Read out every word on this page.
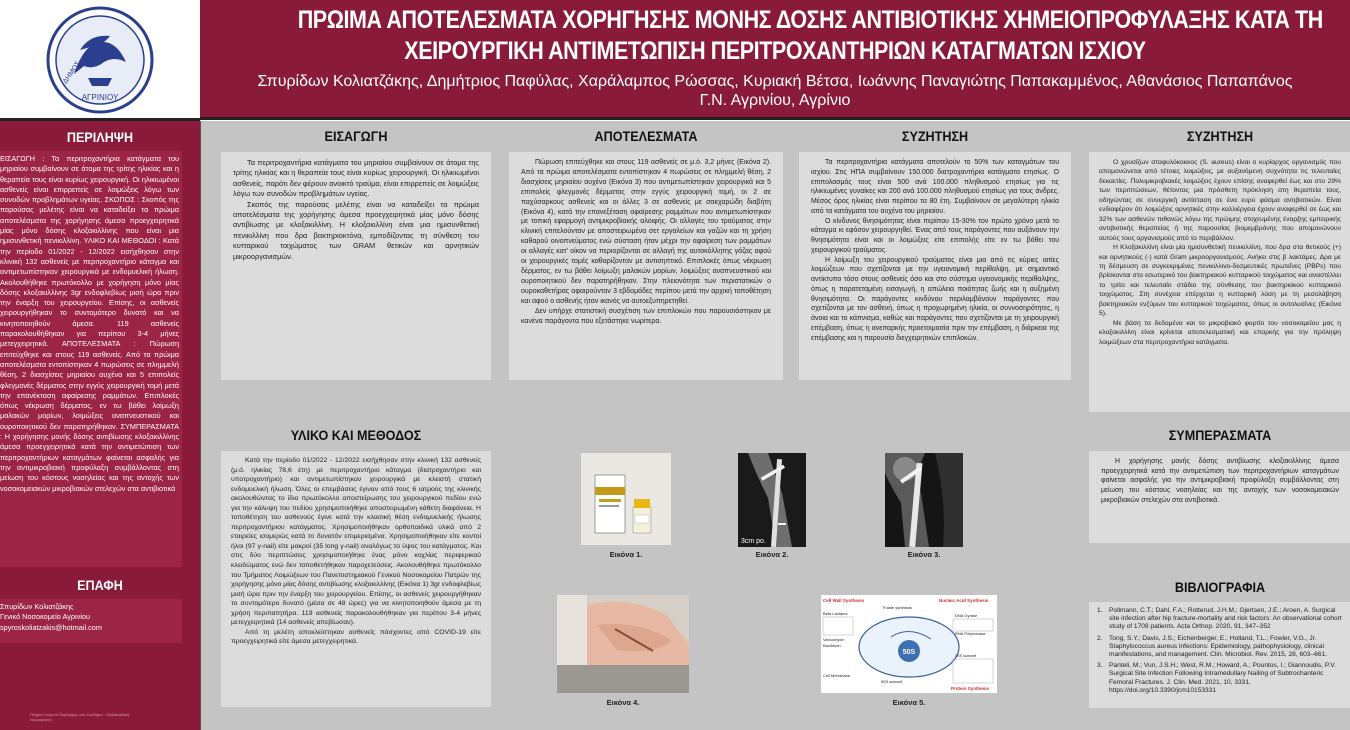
ΑΓΡΙΝΙΟΥ
ΔΗΜΟΣ
ΠΡΩΙΜΑ ΑΠΟΤΕΛΕΣΜΑΤΑ ΧΟΡΗΓΗΣΗΣ ΜΟΝΗΣ ΔΟΣΗΣ ΑΝΤΙΒΙΟΤΙΚΗΣ ΧΗΜΕΙΟΠΡΟΦΥΛΑΞΗΣ ΚΑΤΑ ΤΗ
ΧΕΙΡΟΥΡΓΙΚΗ ΑΝΤΙΜΕΤΩΠΙΣΗ ΠΕΡΙΤΡΟΧΑΝΤΗΡΙΩΝ ΚΑΤΑΓΜΑΤΩΝ ΙΣΧΙΟΥ
Σπυρίδων Κολιατζάκης, Δημήτριος Παφύλας, Χαράλαμπος Ρώσσας, Κυριακή Βέτσα, Ιωάννης Παναγιώτης Παπακαμμένος, Αθανάσιος Παπαπάνος
Γ.Ν. Αγρινίου, Αγρίνιο
ΠΕΡΙΛΗΨΗ
ΕΙΣΑΓΩΓΗ : Τα περιτροχαντήρια κατάγματα του μηριαίου συμβαίνουν σε άτομα της τρίτης ηλικίας και η θεραπεία τους είναι κυρίως χειρουργική. Οι ηλικιωμένοι ασθενείς είναι επιρρεπείς σε λοιμώξεις λόγω των συνοδών προβλημάτων υγείας. ΣΚΟΠΟΣ : Σκοπός της παρούσας μελέτης είναι να καταδείξει τα πρώιμα αποτελέσματα της χορήγησης άμεσα προεγχειρητικά μίας μόνο δόσης κλοξακιλλίνης που είναι μια ημισυνθετική πενικιλλίνη. ΥΛΙΚΟ ΚΑΙ ΜΕΘΟΔΟΙ : Κατά την περίοδο 01/2022 - 12/2022 εισήχθησαν στην κλινική 132 ασθενείς με περιτροχαντήριο κάταγμα και αντιμετωπίστηκαν χειρουργικά με ενδομυελική ήλωση. Ακολουθήθηκε πρωτόκολλο με χορήγηση μόνο μίας δόσης κλοξακιλλίνης 3gr ενδοφλεβίως μισή ώρα πριν την έναρξη του χειρουργείου. Επίσης, οι ασθενείς χειρουργήθηκαν το συντομότερο δυνατό και να κινητοποιηθούν άμεσα. 119 ασθενείς παρακολουθήθηκαν για περίπου 3-4 μήνες μετεγχειρητικά. ΑΠΟΤΕΛΕΣΜΑΤΑ : Πώρωση επιτεύχθηκε και στους 119 ασθενείς. Από τα πρώιμα αποτελέσματα εντοπίστηκαν 4 πωρώσεις σε πλημμελή θέση, 2 διασχίσεις μηριαίου αυχένα και 5 επιπολείς φλεγμονές δέρματος στην εγγύς χειρουργική τομή μετά την επανέκταση αφαίρεσης ραμμάτων. Επιπλοκές όπως νέκρωση δέρματος, εν τω βάθει λοίμωξη μαλακών μορίων, λοιμώξεις αναπνευστικού και ουροποιητικού δεν παρατηρήθηκαν. ΣΥΜΠΕΡΑΣΜΑΤΑ : Η χορήγησης μονής δόσης αντιβίωσης κλοξακιλλίνης άμεσα προεγχειρητικά κατά την αντιμετώπιση των περιτροχαντήριων καταγμάτων φαίνεται ασφαλής για την αντιμικροβιακή προφύλαξη συμβάλλοντας στη μείωση του κόστους νοσηλείας και της αντοχής των νοσοκομειακών μικροβιακών στελεχών στα αντιβιοτικά
ΕΠΑΦΗ
Σπυρίδων Κολιατζάκης
Γενικό Νοσοκομείο Αγρινίου
spyroskoliatzakis@hotmail.com
Πλήρες Κείμενο Περίληψης στο Συνέδριο · Ορθοπαιδική Χειρουργική
ΕΙΣΑΓΩΓΗ

Τα περιτροχαντήρια κατάγματα του μηριαίου συμβαίνουν σε άτομα της τρίτης ηλικίας και η θεραπεία τους είναι κυρίως χειρουργική. Οι ηλικιωμένοι ασθενείς, παρότι δεν φέρουν ανοικτό τραύμα, είναι επιρρεπείς σε λοιμώξεις λόγω των συνοδών προβλημάτων υγείας.

Σκοπός της παρούσας μελέτης είναι να καταδείξει τα πρώιμα αποτελέσματα της χορήγησης άμεσα προεγχειρητικά μίας μόνο δόσης αντιβίωσης με κλοξακιλλίνη. Η κλοξακιλλίνη είναι μια ημισυνθετική πενικιλλίνη που δρα βακτηριοκτόνα, εμποδίζοντας τη σύνθεση του κυτταρικού τοιχώματος των GRAM θετικών και αρνητικών μικροοργανισμών.

ΥΛΙΚΟ ΚΑΙ ΜΕΘΟΔΟΣ

Κατά την περίοδο 01/2022 - 12/2022 εισήχθησαν στην κλινική 132 ασθενείς (μ.ό. ηλικίας 78,6 έτη) με περιτροχαντήριο κάταγμα (διατροχαντήριο και υποτροχαντήριο) και αντιμετωπίστηκαν χειρουργικά με κλειστή στατική ενδομυελική ήλωση. Όλες οι επεμβάσεις έγιναν από τους 6 ιατρούς της κλινικής ακολουθώντας το ίδιο πρωτόκολλο αποστείρωσης του χειρουργικού πεδίου ενώ για την κάλυψη του πεδίου χρησιμοποιήθηκε αποστειρωμένη κάθετη διαφάνεια. Η τοποθέτηση του ασθενούς έγινε κατά την κλασική θέση ενδομυελικής ήλωσης περιτροχαντήριου κατάγματος. Χρησιμοποιήθηκαν ορθοπαιδικά υλικά από 2 εταιρείες ισομερώς κατά το δυνατόν επιμερισμένα. Χρησιμοποιήθηκαν είτε κοντοί ήλοι (97 γ-nail) είτε μακροί (35 long γ-nail) αναλόγως το ύψος του κατάγματος. Και στις δύο περιπτώσεις χρησιμοποιήθηκε ένας μόνο κοχλίας περιφερικού κλειδώματος ενώ δεν τοποθετήθηκαν παροχετεύσεις. Ακολουθήθηκε πρωτόκολλο του Τμήματος Λοιμώξεων του Πανεπιστημιακού Γενικού Νοσοκομείου Πατρών της χορήγησης μόνο μίας δόσης αντιβίωσης κλοξακιλλίνης (Εικόνα 1) 3gr ενδοφλεβίως μισή ώρα πριν την έναρξη του χειρουργείου. Επίσης, οι ασθενείς χειρουργήθηκαν το συντομότερο δυνατό (μέσα σε 48 ώρες) για να κινητοποιηθούν άμεσα με τη χρήση περιπατητήρα. 119 ασθενείς παρακολουθήθηκαν για περίπου 3-4 μήνες μετεγχειρητικά (14 ασθενείς απεβίωσαν).

Από τη μελέτη αποκλείστηκαν ασθενείς πάσχοντες από COVID-19 είτε προεγχειρητικά είτε άμεσα μετεγχειρητικά.

ΑΠΟΤΕΛΕΣΜΑΤΑ

Πώρωση επιτεύχθηκε και στους 119 ασθενείς σε μ.ό. 3,2 μήνες (Εικόνα 2). Από τα πρώιμα αποτελέσματα εντοπίστηκαν 4 πωρώσεις σε πλημμελή θέση, 2 διασχίσεις μηριαίου αυχένα (Εικόνα 3) που αντιμετωπίστηκαν χειρουργικά και 5 επιπολείς φλεγμονές δέρματος στην εγγύς χειρουργική τομή, οι 2 σε παχύσαρκους ασθενείς και οι άλλες 3 σε ασθενείς με σακχαρώδη διαβήτη (Εικόνα 4), κατά την επανεξέταση αφαίρεσης ραμμάτων που αντιμετωπίστηκαν με τοπική εφαρμογή αντιμικροβιακής αλοιφής. Οι αλλαγές του τραύματος στην κλινική επιτελούνταν με αποστειρωμένα σετ εργαλείων και γαζών και τη χρήση καθαρού οινοπνεύματος ενώ σύσταση ήταν μέχρι την αφαίρεση των ραμμάτων οι αλλαγές κατ' οίκον να περιορίζονται σε αλλαγή της αυτοκόλλητης γάζας αφού οι χειρουργικές τομές καθαρίζονταν με αντισηπτικό. Επιπλοκές όπως νέκρωση δέρματος, εν τω βάθει λοίμωξη μαλακών μορίων, λοιμώξεις αναπνευστικού και ουροποιητικού δεν παρατηρήθηκαν. Στην πλειονότητα των περιστατικών ο ουροκαθετήρας αφαιρούνταν 3 εβδομάδες περίπου μετά την αρχική τοποθέτηση και αφού ο ασθενής ήταν ικανός να αυτοεξυπηρετηθεί.

Δεν υπήρχε στατιστική συσχέτιση των επιπλοκών που παρουσιάστηκαν με κανένα παράγοντα που εξετάστηκε νωρίτερα.

Εικόνα 1.
3cm po.
Εικόνα 2.	Εικόνα 3.
Εικόνα 4.
50S
Cell Wall Synthesis	Nucleic Acid Synthesis
Beta Lactams
Vancomycin
Bacitracin
Folate synthesis
DNA Gyrase
RNA Polymerase
30S subunit
50S subunit
Cell Membrane
Protein Synthesis
Εικόνα 5.
ΣΥΖΗΤΗΣΗ

Τα περιτροχαντήρια κατάγματα αποτελούν το 50% των καταγμάτων του ισχίου. Στις ΗΠΑ συμβαίνουν 150.000 διατροχαντήρια κατάγματα ετησίως. Ο επιπολασμός τους είναι 500 ανά 100.000 πληθυσμού ετησίως για τις ηλικιωμένες γυναίκες και 200 ανά 100.000 πληθυσμού ετησίως για τους άνδρες. Μέσος όρος ηλικίας είναι περίπου τα 80 έτη. Συμβαίνουν σε μεγαλύτερη ηλικία από τα κατάγματα του αυχένα του μηριαίου.

Ο κίνδυνος θνησιμότητας είναι περίπου 15-30% τον πρώτο χρόνο μετά το κάταγμα κι εφόσον χειρουργηθεί. Ένας από τους παράγοντες που αυξάνουν την θνησιμότητα είναι και οι λοιμώξεις είτε επιπολής είτε εν τω βάθει του χειρουργικού τραύματος.

Η λοίμωξη του χειρουργικού τραύματος είναι μια από τις κύριες αιτίες λοιμώξεων που σχετίζονται με την υγειονομική περίθαλψη, με σημαντικό αντίκτυπο τόσο στους ασθενείς όσο και στο σύστημα υγειονομικής περίθαλψης, όπως η παρατεταμένη εισαγωγή, η απώλεια ποιότητας ζωής και η αυξημένη θνησιμότητα. Οι παράγοντες κινδύνου περιλαμβάνουν παράγοντες που σχετίζονται με τον ασθενή, όπως η προχωρημένη ηλικία, οι συννοσηρότητες, η άνοια και το κάπνισμα, καθώς και παράγοντες που σχετίζονται με τη χειρουργική επέμβαση, όπως η ανεπαρκής προετοιμασία πριν την επέμβαση, η διάρκεια της επέμβασης και η παρουσία διεγχειρητικών επιπλοκών.

ΣΥΖΗΤΗΣΗ

Ο χρυσίζων σταφυλόκοκκος (S. aureus) είναι ο κυρίαρχος οργανισμός που απομονώνεται από τέτοιες λοιμώξεις, με αυξανόμενη συχνότητα τις τελευταίες δεκαετίες. Πολυμικροβιακές λοιμώξεις έχουν επίσης αναφερθεί έως και στο 29% των περιπτώσεων, θέτοντας μια πρόσθετη πρόκληση στη θεραπεία τους, οδηγώντας σε συνεργική αντίσταση σε ένα ευρύ φάσμα αντιβιοτικών. Είναι ενδιαφέρον ότι λοιμώξεις αρνητικές στην καλλιέργεια έχουν αναφερθεί σε έως και 32% των ασθενών πιθανώς λόγω της πρώιμης στοχευμένης έναρξης εμπειρικής αντιβιοτικής θεραπείας ή της παρουσίας βιομεμβράνης που απομονώνουν αυτούς τους οργανισμούς από το περιβάλλον.

Η Κλοξακιλλίνη είναι μία ημισυνθετική πενικιλλίνη, που δρα στα θετικούς (+) και αρνητικούς (-) κατά Gram μικροοργανισμούς. Ανήκει στις β λακτάμες. Δρα με τη δέσμευση σε συγκεκριμένες πενικιλλινο-δεσμευτικές πρωτεΐνες (PBPs) που βρίσκονται στο εσωτερικό του βακτηριακού κυτταρικού τοιχώματος και αναστέλλει το τρίτο και τελευταίο στάδιο της σύνθεσης του βακτηριακού κυτταρικού τοιχώματος. Στη συνέχεια επέρχεται η κυτταρική λύση με τη μεσολάβηση βακτηριακών ενζύμων του κυτταρικού τοιχώματος, όπως οι αυτολυσίνες (Εικόνα 5).

Με βάση τα δεδομένα και το μικροβιακό φορτίο του νοσοκομείου μας η κλοξακιλλίνη είναι κρίνεται αποτελεσματική και επαρκής για την πρόληψη λοιμώξεων στα περιτροχαντήρια κατάγματα.

ΣΥΜΠΕΡΑΣΜΑΤΑ

Η χορήγησης μονής δόσης αντιβίωσης κλοξακιλλίνης άμεσα προεγχειρητικά κατά την αντιμετώπιση των περιτροχαντήριων καταγμάτων φαίνεται ασφαλής για την αντιμικροβιακή προφύλαξη συμβάλλοντας στη μείωση του κόστους νοσηλείας και της αντοχής των νοσοκομειακών μικροβιακών στελεχών στα αντιβιοτικά.

ΒΙΒΛΙΟΓΡΑΦΙΑ
1. Pollmann, C.T.; Dahl, F.A.; Rotterud, J.H.M.; Gjertsen, J.E.; Aroen, A. Surgical site infection after hip fracture-mortality and risk factors: An observational cohort study of 1709 patients. Acta Orthop. 2020, 91, 347–352
2. Tong, S.Y.; Davis, J.S.; Eichenberger, E.; Holland, T.L.; Fowler, V.G., Jr. Staphylococcus aureus infections: Epidemiology, pathophysiology, clinical manifestations, and management. Clin. Microbiol. Rev. 2015, 28, 603–661.
3. Panteli, M.; Vun, J.S.H.; West, R.M.; Howard, A.; Pountos, I.; Giannoudis, P.V. Surgical Site Infection Following Intramedullary Nailing of Subtrochanteric Femoral Fractures. J. Clin. Med. 2021, 10, 3331. https://doi.org/10.3390/jcm10153331
